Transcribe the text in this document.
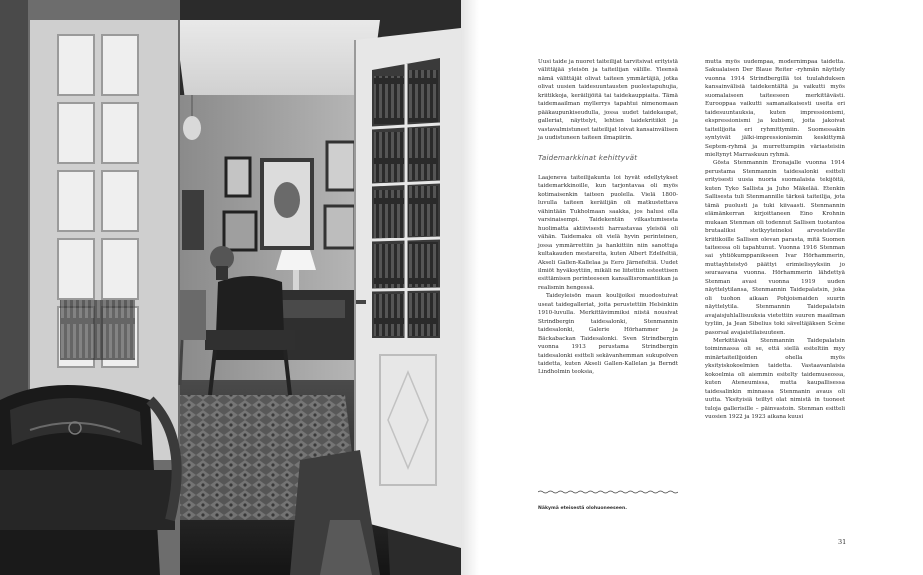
Uusi taide ja nuoret taiteilijat tarvitsivat erityistä välittäjää yleisön ja taiteilijan välille. Yleensä nämä välittäjät olivat taiteen ymmärtäjiä, jotka olivat uusien taidesuuntausten puolestapuhujia, kriitikkoja, keräilijöitä tai taidekauppiaita. Tämä taidemaailman myllerrys tapahtui nimenomaan pääkaupunkiseudulla, jossa uudet taidekaupat, galleriat, näyttelyt, lehtien taidekritiikit ja vastavalmistuneet taiteilijat loivat kansainvälisen ja uudistuneen taiteen ilmapiirin.

Taidemarkkinat kehittyvät

Laajeneva taiteilijakunta loi hyvät edellytykset taidemarkkinoille, kun tarjontavaa oli myös kotimaisenkin taiteen puolella. Vielä 1800-luvulla taiteen keräilijän oli matkustettava vähintään Tukholmaan saakka, jos halusi olla varsinaisempi. Taidekentän vilkastumisesta huolimatta aktiivisesti harrastavaa yleisöä oli vähän. Taidemaku oli vielä hyvin perinteinen, jossa ymmärrettiin ja hankittiin niin sanottuja kultakauden mestareita, kuten Albert Edelfeltiä, Akseli Gallen-Kallelaa ja Eero Järnefeltiä. Uudet ilmiöt hyväksyttiin, mikäli ne liitettiin esteettisen esittämisen perinteeseen kansallisromantiikan ja realismin hengessä.

Taideyleisön maun koulijoiksi muodostuivat useat taidegalleriat, joita perustettiin Helsinkiin 1910-luvulla. Merkittävimmiksi niistä nousivat Strindbergin taidesalonki, Stenmannin taidesalonki, Galerie Hörhammer ja Bäckabackan Taidesalonki. Sven Strindbergin vuonna 1913 perustama Strindbergin taidesalonki esitteli sekävanhemman sukupolven taidetta, kuten Akseli Gallen-Kallelan ja Berndt Lindholmin teoksia,

mutta myös uudempaa, modernimpaa taidetta. Sakualaisen Der Blaue Reiter -ryhmän näyttely vuonna 1914 Strindbergillä toi tuulahduksen kansainvälisiä taidekentältä ja vaikutti myös suomalaiseen taiteeseen merkittävästi. Eurooppaa vaikutti samanaikaisesti useita eri taidesuuntauksia, kuten impressionismi, ekspressionismi ja kubismi, joita jakoivat taiteilijoita eri ryhmittymiin. Suomessakin syntyivät jälki-impressionismin keskittymä Septem-ryhmä ja murrettumpiin väriasteisiin mieltynyt Marraskuun ryhmä.

Gösta Stenmannin Eronajalle vuonna 1914 perustama Stenmannin taidesalonki esitteli erityisesti uusia nuoria suomalaisia tekijöitä, kuten Tyko Sallista ja Juho Mäkelää. Etenkin Sallisesta tuli Stenmannille tärkeä taiteilija, jota tämä puolusti ja tuki kiivaasti. Stenmannin elämänkerran kirjoittaneen Eino Krohnin mukaan Stenman oli todennut Sallisen tuotantoa brutaaliksi stetkyyteineksi arvosteleville kriitikoille Sallisen olevan parasta, mitä Suomen taiteessa oli tapahtunut. Vuonna 1916 Stenman sai yhtiökumppanikseen Ivar Hörhammerin, muttayhteistyö päättyi erimielisyyksiin jo seuraavana vuonna. Hörhammerin lähdettyä Stenman avasi vuonna 1919 uuden näyttelytilansa, Stenmannin Taidepalatsin, joka oli tuohon aikaan Pohjoismaiden suurin näyttelytila. Stenmannin Taidepalatsin avajaisjuhlallisuuksia vietettiin suuren maailman tyyliin, ja Jean Sibelius toki säveltäjäksen Scène pasorsal avajaistilaisuuteen.

Merkittävää Stenmannin Taidepalatsin toiminnassa oli se, että siellä esiteltiin myy minärtaiteilijoiden ohella myös yksityiskokoelmien taidetta. Vastaavanlaisia kokoelmia oli aiemmin esitelty taidemuseossa, kuten Ateneumissa, mutta kaupallisessa taidesalinkin minnassa Stenmanin avaus oli uutta. Yksityisiä teiltyt olat nimistä in tuoneet tuloja gallerisille – päinvastoin. Stenman esitteli vuosien 1922 ja 1923 aikana kuusi

Näkymä eteisestä olohuoneeseen.
31
